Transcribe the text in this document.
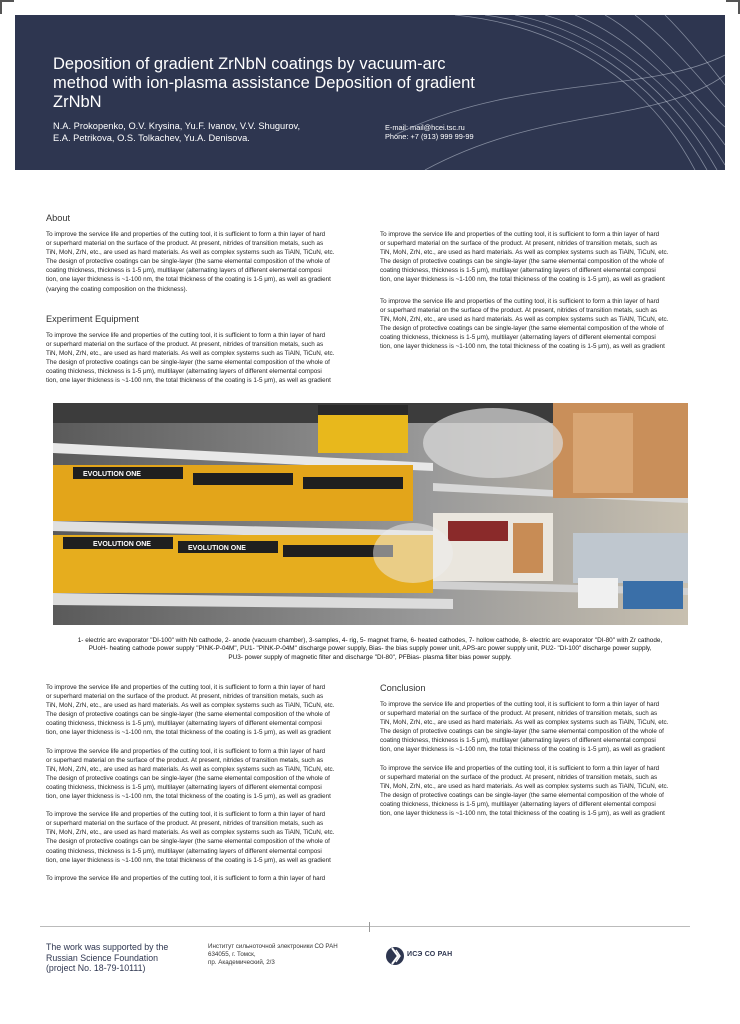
Deposition of gradient ZrNbN coatings by vacuum-arc
method with ion-plasma assistance Deposition of gradient
ZrNbN
N.A. Prokopenko, O.V. Krysina, Yu.F. Ivanov, V.V. Shugurov,
E.A. Petrikova, O.S. Tolkachev, Yu.A. Denisova.
E-mail: mail@hcei.tsc.ru
Phone: +7 (913) 999 99-99
About
To improve the service life and properties of the cutting tool, it is sufficient to form a thin layer of hard
or superhard material on the surface of the product. At present, nitrides of transition metals, such as
TiN, MoN, ZrN, etc., are used as hard materials. As well as complex systems such as TiAlN, TiCuN, etc.
The design of protective coatings can be single-layer (the same elemental composition of the whole of
coating thickness, thickness is 1-5 μm), multilayer (alternating layers of different elemental composi
tion, one layer thickness is ~1-100 nm, the total thickness of the coating is 1-5 μm), as well as gradient
(varying the coating composition on the thickness).
Experiment Equipment
To improve the service life and properties of the cutting tool, it is sufficient to form a thin layer of hard
or superhard material on the surface of the product. At present, nitrides of transition metals, such as
TiN, MoN, ZrN, etc., are used as hard materials. As well as complex systems such as TiAlN, TiCuN, etc.
The design of protective coatings can be single-layer (the same elemental composition of the whole of
coating thickness, thickness is 1-5 μm), multilayer (alternating layers of different elemental composi
tion, one layer thickness is ~1-100 nm, the total thickness of the coating is 1-5 μm), as well as gradient
To improve the service life and properties of the cutting tool, it is sufficient to form a thin layer of hard
or superhard material on the surface of the product. At present, nitrides of transition metals, such as
TiN, MoN, ZrN, etc., are used as hard materials. As well as complex systems such as TiAlN, TiCuN, etc.
The design of protective coatings can be single-layer (the same elemental composition of the whole of
coating thickness, thickness is 1-5 μm), multilayer (alternating layers of different elemental composi
tion, one layer thickness is ~1-100 nm, the total thickness of the coating is 1-5 μm), as well as gradient
To improve the service life and properties of the cutting tool, it is sufficient to form a thin layer of hard
or superhard material on the surface of the product. At present, nitrides of transition metals, such as
TiN, MoN, ZrN, etc., are used as hard materials. As well as complex systems such as TiAlN, TiCuN, etc.
The design of protective coatings can be single-layer (the same elemental composition of the whole of
coating thickness, thickness is 1-5 μm), multilayer (alternating layers of different elemental composi
tion, one layer thickness is ~1-100 nm, the total thickness of the coating is 1-5 μm), as well as gradient
EVOLUTION ONE
EVOLUTION ONE
EVOLUTION ONE
1- electric arc evaporator "DI-100" with Nb cathode, 2- anode (vacuum chamber), 3-samples, 4- rig, 5- magnet frame, 6- heated cathodes, 7- hollow cathode, 8- electric arc evaporator "DI-80" with Zr cathode,
PUoH- heating cathode power supply "PINK-P-04M", PU1- "PINK-P-04M" discharge power supply, Bias- the bias supply power unit, APS-arc power supply unit, PU2- "DI-100" discharge power supply,
PU3- power supply of magnetic filter and discharge "DI-80", PFBias- plasma filter bias power supply.
To improve the service life and properties of the cutting tool, it is sufficient to form a thin layer of hard
or superhard material on the surface of the product. At present, nitrides of transition metals, such as
TiN, MoN, ZrN, etc., are used as hard materials. As well as complex systems such as TiAlN, TiCuN, etc.
The design of protective coatings can be single-layer (the same elemental composition of the whole of
coating thickness, thickness is 1-5 μm), multilayer (alternating layers of different elemental composi
tion, one layer thickness is ~1-100 nm, the total thickness of the coating is 1-5 μm), as well as gradient
To improve the service life and properties of the cutting tool, it is sufficient to form a thin layer of hard
or superhard material on the surface of the product. At present, nitrides of transition metals, such as
TiN, MoN, ZrN, etc., are used as hard materials. As well as complex systems such as TiAlN, TiCuN, etc.
The design of protective coatings can be single-layer (the same elemental composition of the whole of
coating thickness, thickness is 1-5 μm), multilayer (alternating layers of different elemental composi
tion, one layer thickness is ~1-100 nm, the total thickness of the coating is 1-5 μm), as well as gradient
To improve the service life and properties of the cutting tool, it is sufficient to form a thin layer of hard
or superhard material on the surface of the product. At present, nitrides of transition metals, such as
TiN, MoN, ZrN, etc., are used as hard materials. As well as complex systems such as TiAlN, TiCuN, etc.
The design of protective coatings can be single-layer (the same elemental composition of the whole of
coating thickness, thickness is 1-5 μm), multilayer (alternating layers of different elemental composi
tion, one layer thickness is ~1-100 nm, the total thickness of the coating is 1-5 μm), as well as gradient
To improve the service life and properties of the cutting tool, it is sufficient to form a thin layer of hard
Conclusion
To improve the service life and properties of the cutting tool, it is sufficient to form a thin layer of hard
or superhard material on the surface of the product. At present, nitrides of transition metals, such as
TiN, MoN, ZrN, etc., are used as hard materials. As well as complex systems such as TiAlN, TiCuN, etc.
The design of protective coatings can be single-layer (the same elemental composition of the whole of
coating thickness, thickness is 1-5 μm), multilayer (alternating layers of different elemental composi
tion, one layer thickness is ~1-100 nm, the total thickness of the coating is 1-5 μm), as well as gradient
To improve the service life and properties of the cutting tool, it is sufficient to form a thin layer of hard
or superhard material on the surface of the product. At present, nitrides of transition metals, such as
TiN, MoN, ZrN, etc., are used as hard materials. As well as complex systems such as TiAlN, TiCuN, etc.
The design of protective coatings can be single-layer (the same elemental composition of the whole of
coating thickness, thickness is 1-5 μm), multilayer (alternating layers of different elemental composi
tion, one layer thickness is ~1-100 nm, the total thickness of the coating is 1-5 μm), as well as gradient
The work was supported by the
Russian Science Foundation
(project No. 18-79-10111)
Институт сильноточной электроники СО РАН
634055, г. Томск,
пр. Академический, 2/3
ИСЭ СО РАН
